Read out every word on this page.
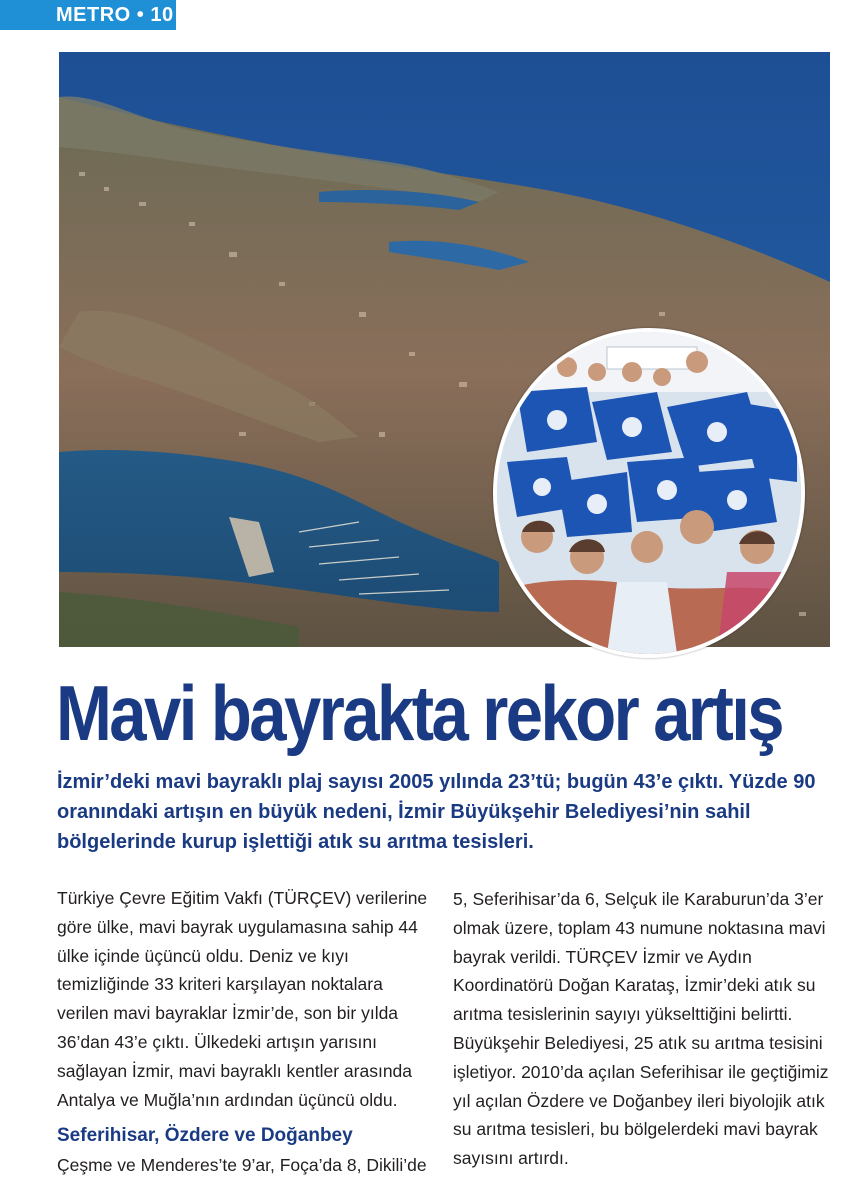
METRO • 10
Mavi bayrakta rekor artış
İzmir’deki mavi bayraklı plaj sayısı 2005 yılında 23’tü; bugün 43’e çıktı. Yüzde 90 oranındaki artışın en büyük nedeni, İzmir Büyükşehir Belediyesi’nin sahil bölgelerinde kurup işlettiği atık su arıtma tesisleri.

Türkiye Çevre Eğitim Vakfı (TÜRÇEV) verilerine göre ülke, mavi bayrak uygulamasına sahip 44 ülke içinde üçüncü oldu. Deniz ve kıyı temizliğinde 33 kriteri karşılayan noktalara verilen mavi bayraklar İzmir’de, son bir yılda 36’dan 43’e çıktı. Ülkedeki artışın yarısını sağlayan İzmir, mavi bayraklı kentler arasında Antalya ve Muğla’nın ardından üçüncü oldu.

Seferihisar, Özdere ve Doğanbey

Çeşme ve Menderes’te 9’ar, Foça’da 8, Dikili’de

5, Seferihisar’da 6, Selçuk ile Karaburun’da 3’er olmak üzere, toplam 43 numune noktasına mavi bayrak verildi. TÜRÇEV İzmir ve Aydın Koordinatörü Doğan Karataş, İzmir’deki atık su arıtma tesislerinin sayıyı yükselttiğini belirtti. Büyükşehir Belediyesi, 25 atık su arıtma tesisini işletiyor. 2010’da açılan Seferihisar ile geçtiğimiz yıl açılan Özdere ve Doğanbey ileri biyolojik atık su arıtma tesisleri, bu bölgelerdeki mavi bayrak sayısını artırdı.
